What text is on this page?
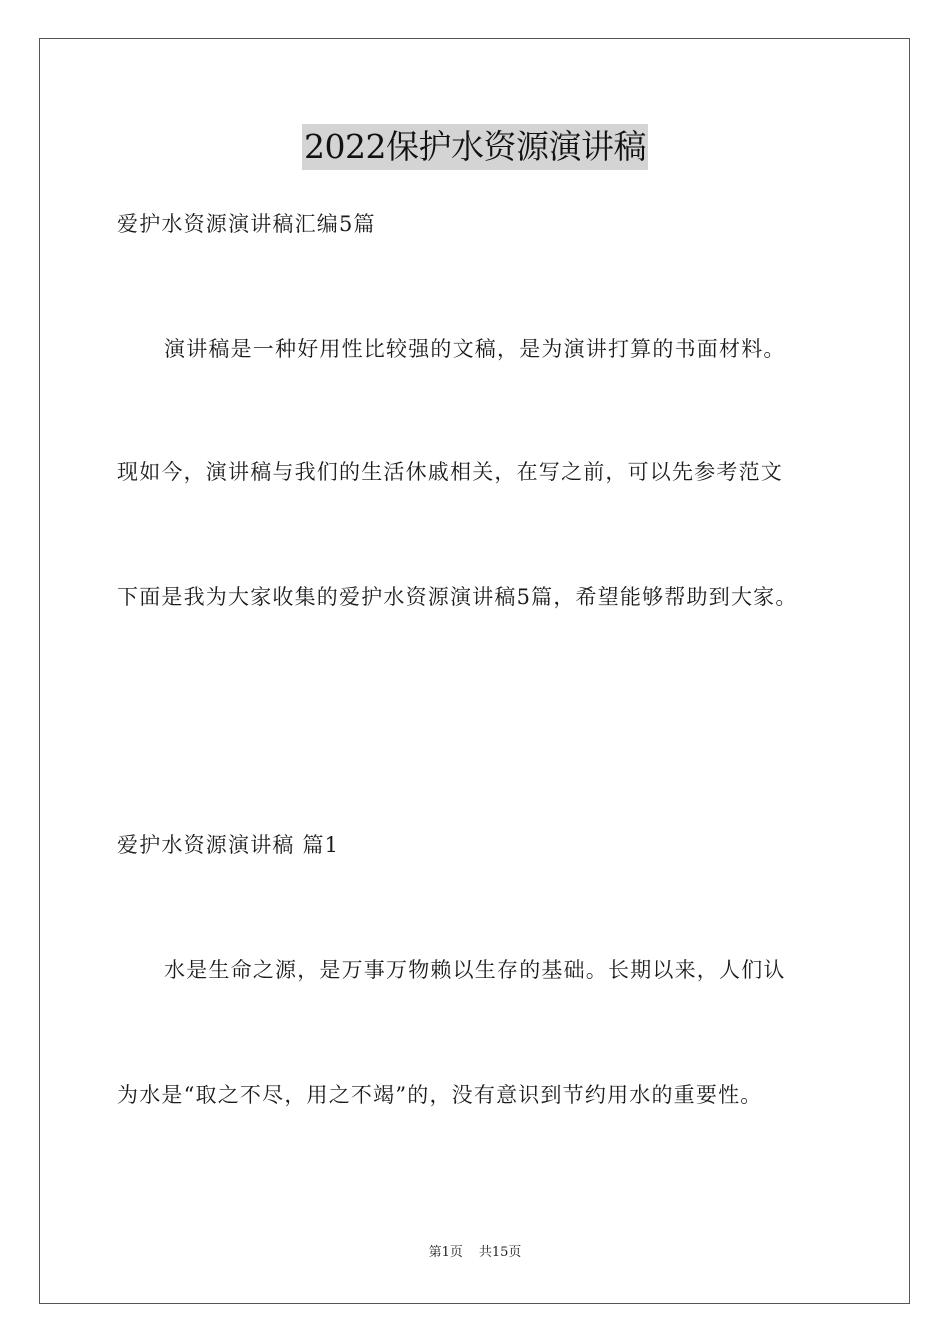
2022保护水资源演讲稿
爱护水资源演讲稿汇编5篇
演讲稿是一种好用性比较强的文稿，是为演讲打算的书面材料。
现如今，演讲稿与我们的生活休戚相关，在写之前，可以先参考范文
下面是我为大家收集的爱护水资源演讲稿5篇，希望能够帮助到大家。
爱护水资源演讲稿 篇1
水是生命之源，是万事万物赖以生存的基础。长期以来，人们认
为水是“取之不尽，用之不竭”的，没有意识到节约用水的重要性。
第1页 共15页
